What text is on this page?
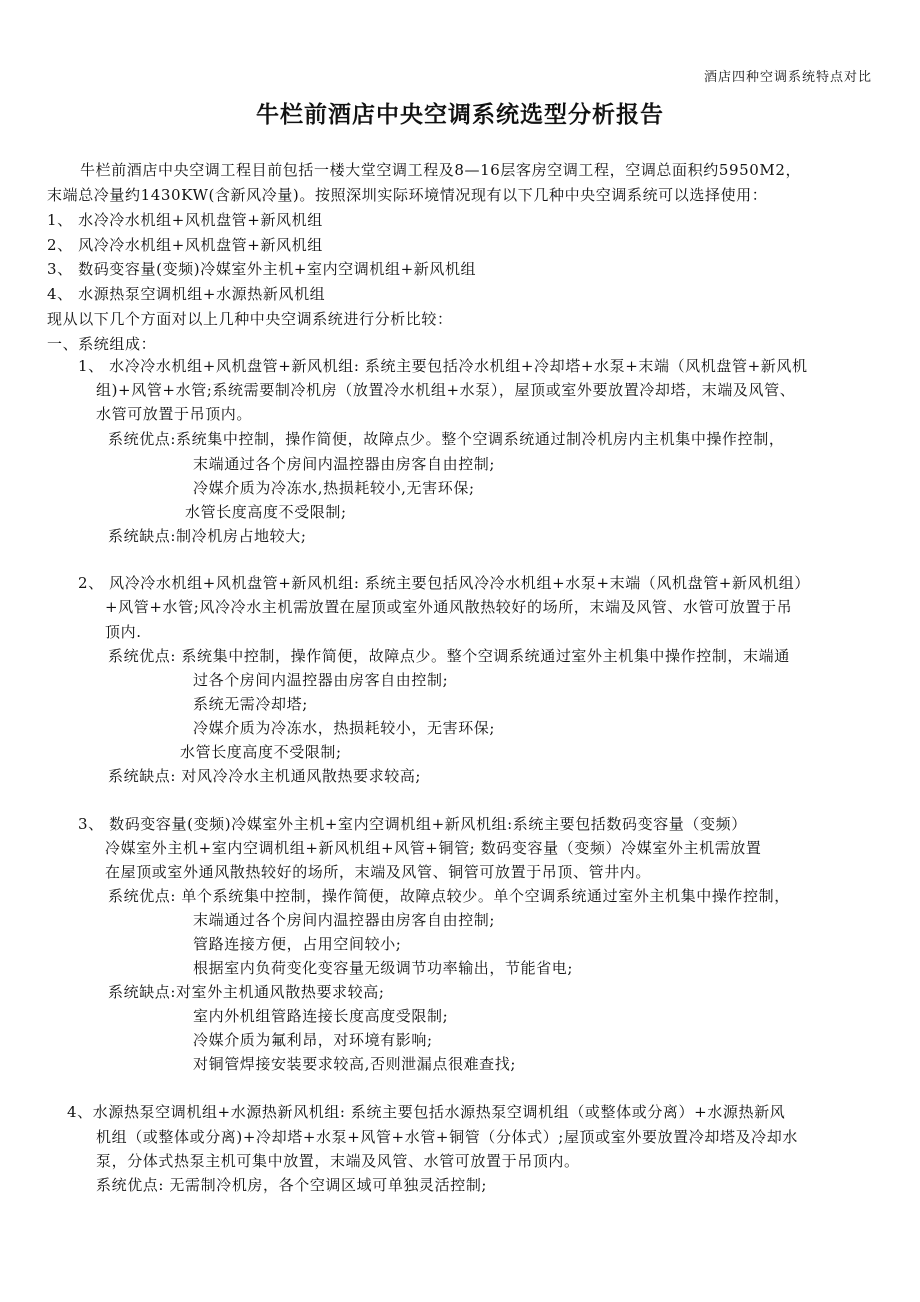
酒店四种空调系统特点对比
牛栏前酒店中央空调系统选型分析报告
牛栏前酒店中央空调工程目前包括一楼大堂空调工程及8—16层客房空调工程，空调总面积约5950M2，
末端总冷量约1430KW(含新风冷量)。按照深圳实际环境情况现有以下几种中央空调系统可以选择使用：
1、 水冷冷水机组+风机盘管+新风机组
2、 风冷冷水机组+风机盘管+新风机组
3、 数码变容量(变频)冷媒室外主机+室内空调机组+新风机组
4、 水源热泵空调机组+水源热新风机组
现从以下几个方面对以上几种中央空调系统进行分析比较：
一、系统组成：
1、 水冷冷水机组+风机盘管+新风机组: 系统主要包括冷水机组+冷却塔+水泵+末端（风机盘管+新风机
组)+风管+水管;系统需要制冷机房（放置冷水机组+水泵），屋顶或室外要放置冷却塔，末端及风管、
水管可放置于吊顶内。
系统优点:系统集中控制，操作简便，故障点少。整个空调系统通过制冷机房内主机集中操作控制，
末端通过各个房间内温控器由房客自由控制;
冷媒介质为冷冻水,热损耗较小,无害环保;
水管长度高度不受限制;
系统缺点:制冷机房占地较大;
2、 风冷冷水机组+风机盘管+新风机组: 系统主要包括风冷冷水机组+水泵+末端（风机盘管+新风机组）
+风管+水管;风冷冷水主机需放置在屋顶或室外通风散热较好的场所，末端及风管、水管可放置于吊
顶内.
系统优点: 系统集中控制，操作简便，故障点少。整个空调系统通过室外主机集中操作控制，末端通
过各个房间内温控器由房客自由控制;
系统无需冷却塔;
冷媒介质为冷冻水，热损耗较小，无害环保;
水管长度高度不受限制;
系统缺点: 对风冷冷水主机通风散热要求较高;
3、 数码变容量(变频)冷媒室外主机+室内空调机组+新风机组:系统主要包括数码变容量（变频）
冷媒室外主机+室内空调机组+新风机组+风管+铜管; 数码变容量（变频）冷媒室外主机需放置
在屋顶或室外通风散热较好的场所，末端及风管、铜管可放置于吊顶、管井内。
系统优点: 单个系统集中控制，操作简便，故障点较少。单个空调系统通过室外主机集中操作控制，
末端通过各个房间内温控器由房客自由控制;
管路连接方便，占用空间较小;
根据室内负荷变化变容量无级调节功率输出，节能省电;
系统缺点:对室外主机通风散热要求较高;
室内外机组管路连接长度高度受限制;
冷媒介质为氟利昂，对环境有影响;
对铜管焊接安装要求较高,否则泄漏点很难查找;
4、水源热泵空调机组+水源热新风机组: 系统主要包括水源热泵空调机组（或整体或分离）+水源热新风
机组（或整体或分离)+冷却塔+水泵+风管+水管+铜管（分体式）;屋顶或室外要放置冷却塔及冷却水
泵，分体式热泵主机可集中放置，末端及风管、水管可放置于吊顶内。
系统优点: 无需制冷机房，各个空调区域可单独灵活控制;
